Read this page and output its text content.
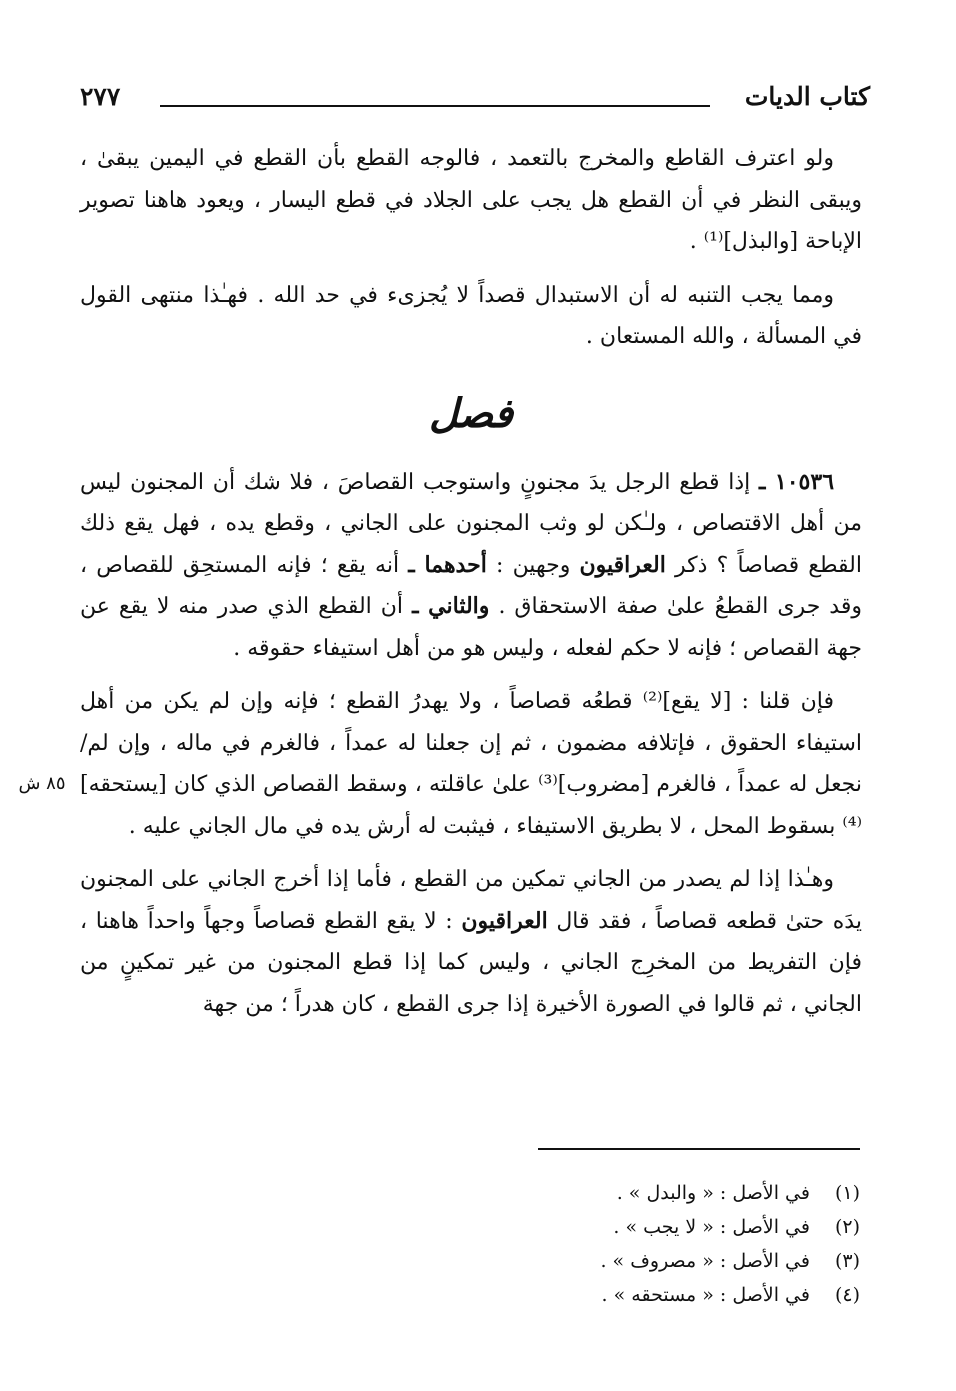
كتاب الديات
٢٧٧
٨٥ ش

ولو اعترف القاطع والمخرج بالتعمد ، فالوجه القطع بأن القطع في اليمين يبقىٰ ، ويبقى النظر في أن القطع هل يجب على الجلاد في قطع اليسار ، ويعود هاهنا تصوير الإباحة [والبذل]⁽¹⁾ .

ومما يجب التنبه له أن الاستبدال قصداً لا يُجزىء في حد الله . فهـٰذا منتهى القول في المسألة ، والله المستعان .

فصل

١٠٥٣٦ ـ إذا قطع الرجل يدَ مجنونٍ واستوجب القصاصَ ، فلا شك أن المجنون ليس من أهل الاقتصاص ، ولـٰكن لو وثب المجنون على الجاني ، وقطع يده ، فهل يقع ذلك القطع قصاصاً ؟ ذكر العراقيون وجهين : أحدهما ـ أنه يقع ؛ فإنه المستحِق للقصاص ، وقد جرى القطعُ علىٰ صفة الاستحقاق . والثاني ـ أن القطع الذي صدر منه لا يقع عن جهة القصاص ؛ فإنه لا حكم لفعله ، وليس هو من أهل استيفاء حقوقه .

فإن قلنا : [لا يقع]⁽²⁾ قطعُه قصاصاً ، ولا يهدرُ القطع ؛ فإنه وإن لم يكن من أهل استيفاء الحقوق ، فإتلافه مضمون ، ثم إن جعلنا له عمداً ، فالغرم في ماله ، وإن لم/ نجعل له عمداً ، فالغرم [مضروب]⁽³⁾ علىٰ عاقلته ، وسقط القصاص الذي كان [يستحقه]⁽⁴⁾ بسقوط المحل ، لا بطريق الاستيفاء ، فيثبت له أرش يده في مال الجاني عليه .

وهـٰذا إذا لم يصدر من الجاني تمكين من القطع ، فأما إذا أخرج الجاني على المجنون يدَه حتىٰ قطعه قصاصاً ، فقد قال العراقيون : لا يقع القطع قصاصاً وجهاً واحداً هاهنا ، فإن التفريط من المخرِج الجاني ، وليس كما إذا قطع المجنون من غير تمكينٍ من الجاني ، ثم قالوا في الصورة الأخيرة إذا جرى القطع ، كان هدراً ؛ من جهة

(١) في الأصل : « والبدل » .
(٢) في الأصل : « لا يجب » .
(٣) في الأصل : « مصروف » .
(٤) في الأصل : « مستحقه » .
